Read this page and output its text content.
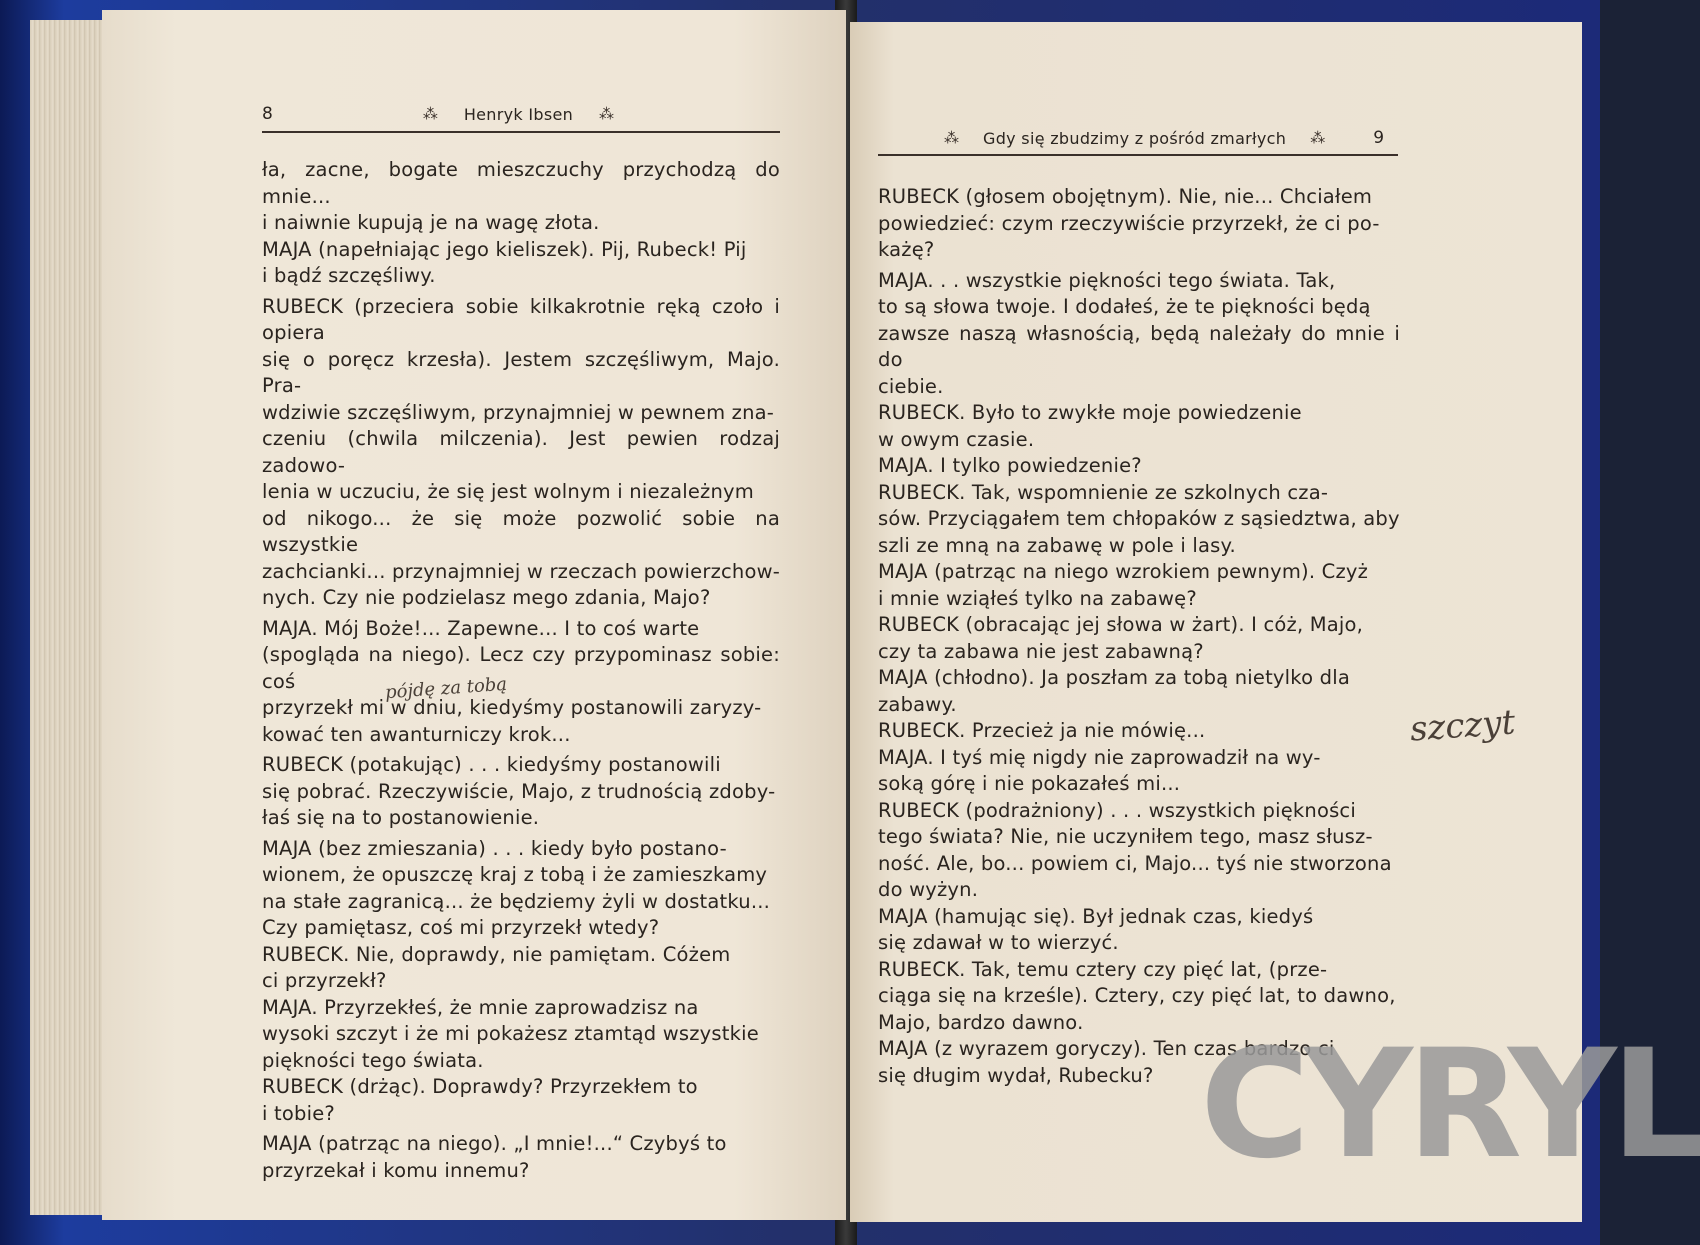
8	⁂ Henryk Ibsen ⁂

ła, zacne, bogate mieszczuchy przychodzą do mnie...

i naiwnie kupują je na wagę złota.

MAJA (napełniając jego kieliszek). Pij, Rubeck! Pij

i bądź szczęśliwy.

RUBECK (przeciera sobie kilkakrotnie ręką czoło i opiera

się o poręcz krzesła). Jestem szczęśliwym, Majo. Pra-

wdziwie szczęśliwym, przynajmniej w pewnem zna-

czeniu (chwila milczenia). Jest pewien rodzaj zadowo-

lenia w uczuciu, że się jest wolnym i niezależnym

od nikogo... że się może pozwolić sobie na wszystkie

zachcianki... przynajmniej w rzeczach powierzchow-

nych. Czy nie podzielasz mego zdania, Majo?

MAJA. Mój Boże!... Zapewne... I to coś warte

(spogląda na niego). Lecz czy przypominasz sobie: coś

przyrzekł mi w dniu, kiedyśmy postanowili zaryzy-

kować ten awanturniczy krok...

RUBECK (potakując) . . . kiedyśmy postanowili

się pobrać. Rzeczywiście, Majo, z trudnością zdoby-

łaś się na to postanowienie.

MAJA (bez zmieszania) . . . kiedy było postano-

wionem, że opuszczę kraj z tobą i że zamieszkamy

na stałe zagranicą... że będziemy żyli w dostatku...

Czy pamiętasz, coś mi przyrzekł wtedy?

RUBECK. Nie, doprawdy, nie pamiętam. Cóżem

ci przyrzekł?

MAJA. Przyrzekłeś, że mnie zaprowadzisz na

wysoki szczyt i że mi pokażesz ztamtąd wszystkie

piękności tego świata.

RUBECK (drżąc). Doprawdy? Przyrzekłem to

i tobie?

MAJA (patrząc na niego). „I mnie!...“ Czybyś to

przyrzekał i komu innemu?

pójdę za tobą
⁂ Gdy się zbudzimy z pośród zmarłych ⁂	9

RUBECK (głosem obojętnym). Nie, nie... Chciałem

powiedzieć: czym rzeczywiście przyrzekł, że ci po-

każę?

MAJA. . . wszystkie piękności tego świata. Tak,

to są słowa twoje. I dodałeś, że te piękności będą

zawsze naszą własnością, będą należały do mnie i do

ciebie.

RUBECK. Było to zwykłe moje powiedzenie

w owym czasie.

MAJA. I tylko powiedzenie?

RUBECK. Tak, wspomnienie ze szkolnych cza-

sów. Przyciągałem tem chłopaków z sąsiedztwa, aby

szli ze mną na zabawę w pole i lasy.

MAJA (patrząc na niego wzrokiem pewnym). Czyż

i mnie wziąłeś tylko na zabawę?

RUBECK (obracając jej słowa w żart). I cóż, Majo,

czy ta zabawa nie jest zabawną?

MAJA (chłodno). Ja poszłam za tobą nietylko dla

zabawy.

RUBECK. Przecież ja nie mówię...

MAJA. I tyś mię nigdy nie zaprowadził na wy-

soką górę i nie pokazałeś mi...

RUBECK (podrażniony) . . . wszystkich piękności

tego świata? Nie, nie uczyniłem tego, masz słusz-

ność. Ale, bo... powiem ci, Majo... tyś nie stworzona

do wyżyn.

MAJA (hamując się). Był jednak czas, kiedyś

się zdawał w to wierzyć.

RUBECK. Tak, temu cztery czy pięć lat, (prze-

ciąga się na krześle). Cztery, czy pięć lat, to dawno,

Majo, bardzo dawno.

MAJA (z wyrazem goryczy). Ten czas bardzo ci

się długim wydał, Rubecku?

szczyt
CYRYL
